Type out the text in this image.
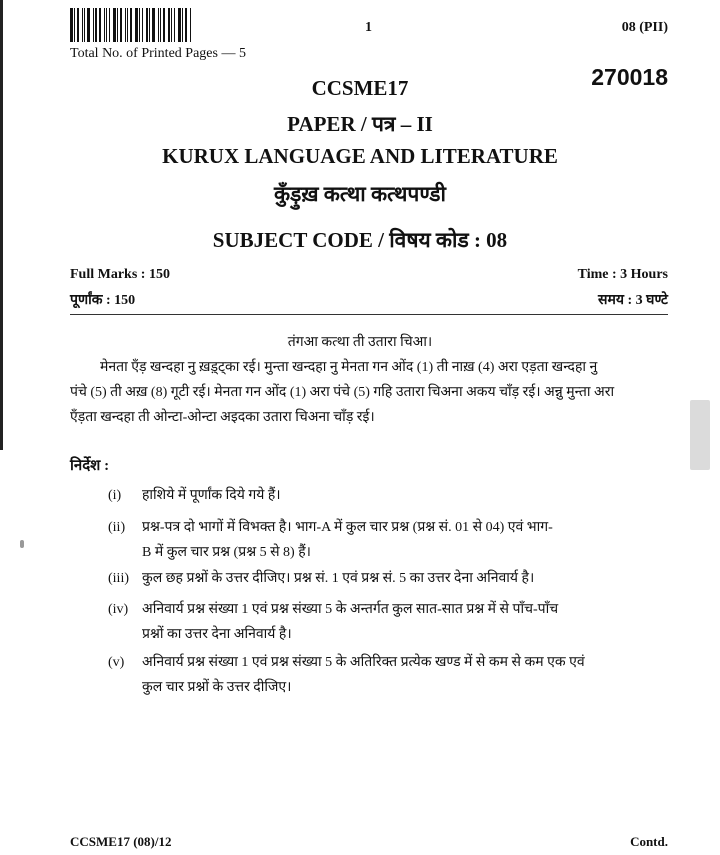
1	08 (PII)
Total No. of Printed Pages — 5
270018
CCSME17
PAPER / पत्र – II
KURUX LANGUAGE AND LITERATURE
कुँड़ुख़ कत्था कत्थपण्डी
SUBJECT CODE / विषय कोड : 08
Full Marks : 150
पूर्णांक : 150
Time : 3 Hours
समय : 3 घण्टे
तंगआ कत्था ती उतारा चिआ।
मेनता एँड़ खन्दहा नु ख़ड़्ट्का रई। मुन्ता खन्दहा नु मेनता गन ओंद (1) ती नाख़ (4) अरा एड़ता खन्दहा नु
पंचे (5) ती अख़ (8) गूटी रई। मेनता गन ओंद (1) अरा पंचे (5) गहि उतारा चिअना अकय चाँड़ रई। अन्नु मुन्ता अरा
एँड़ता खन्दहा ती ओन्टा-ओन्टा अइदका उतारा चिअना चाँड़ रई।
निर्देश :
(i) हाशिये में पूर्णांक दिये गये हैं।
(ii) प्रश्न-पत्र दो भागों में विभक्त है। भाग-A में कुल चार प्रश्न (प्रश्न सं. 01 से 04) एवं भाग-
B में कुल चार प्रश्न (प्रश्न 5 से 8) हैं।
(iii) कुल छह प्रश्नों के उत्तर दीजिए। प्रश्न सं. 1 एवं प्रश्न सं. 5 का उत्तर देना अनिवार्य है।
(iv) अनिवार्य प्रश्न संख्या 1 एवं प्रश्न संख्या 5 के अन्तर्गत कुल सात-सात प्रश्न में से पाँच-पाँच
प्रश्नों का उत्तर देना अनिवार्य है।
(v) अनिवार्य प्रश्न संख्या 1 एवं प्रश्न संख्या 5 के अतिरिक्त प्रत्येक खण्ड में से कम से कम एक एवं
कुल चार प्रश्नों के उत्तर दीजिए।
CCSME17 (08)/12	Contd.
